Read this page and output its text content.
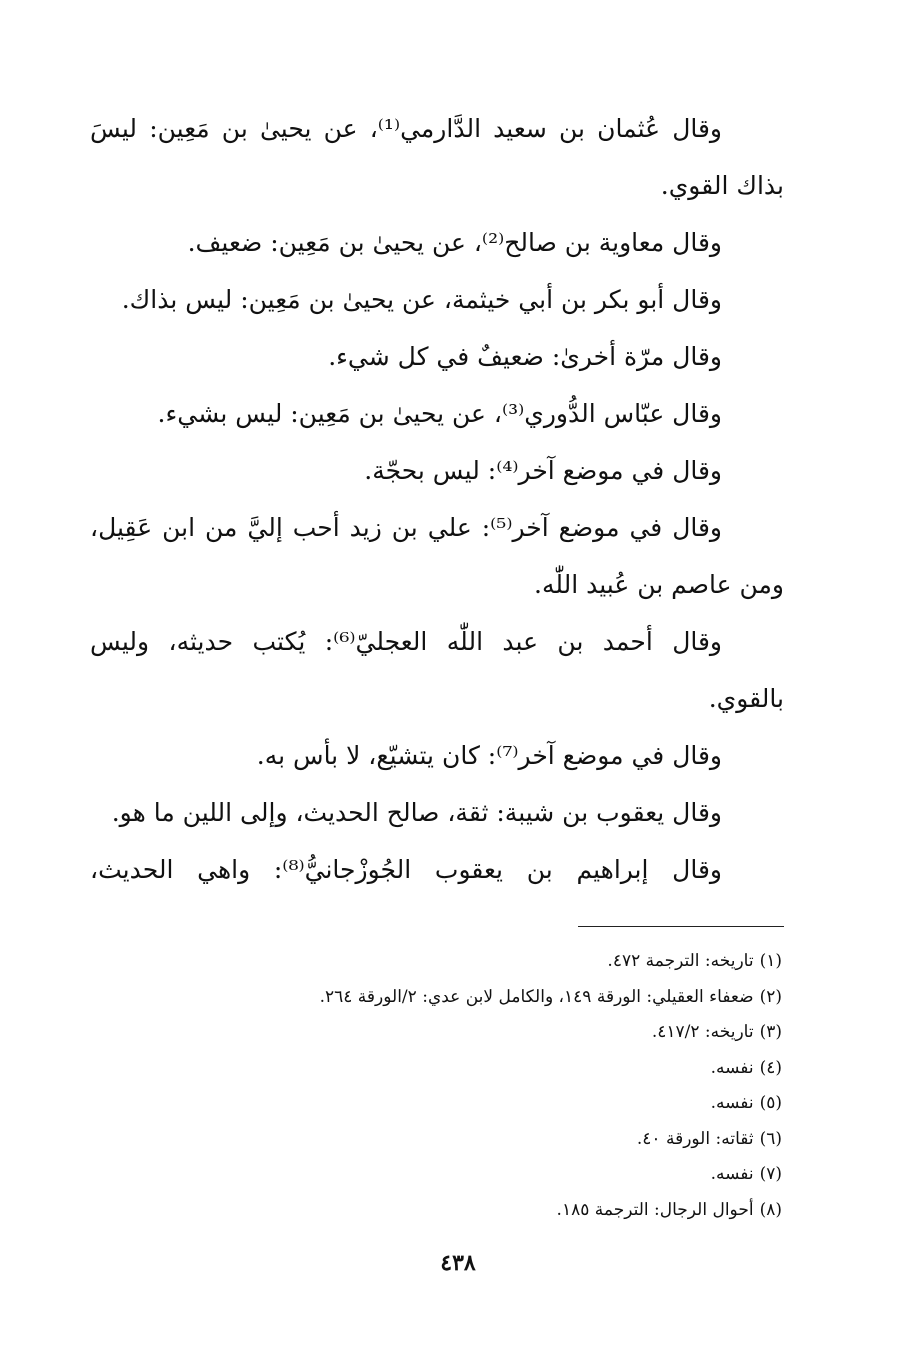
وقال عُثمان بن سعيد الدَّارمي⁽¹⁾، عن يحيىٰ بن مَعِين: ليسَ
بذاك القوي.
وقال معاوية بن صالح⁽²⁾، عن يحيىٰ بن مَعِين: ضعيف.
وقال أبو بكر بن أبي خيثمة، عن يحيىٰ بن مَعِين: ليس بذاك.
وقال مرّة أخرىٰ: ضعيفٌ في كل شيء.
وقال عبّاس الدُّوري⁽³⁾، عن يحيىٰ بن مَعِين: ليس بشيء.
وقال في موضع آخر⁽⁴⁾: ليس بحجّة.
وقال في موضع آخر⁽⁵⁾: علي بن زيد أحب إليَّ من ابن عَقِيل،
ومن عاصم بن عُبيد اللّٰه.
وقال أحمد بن عبد اللّٰه العجليّ⁽⁶⁾: يُكتب حديثه، وليس
بالقوي.
وقال في موضع آخر⁽⁷⁾: كان يتشيّع، لا بأس به.
وقال يعقوب بن شيبة: ثقة، صالح الحديث، وإلى اللين ما هو.
وقال إبراهيم بن يعقوب الجُوزْجانيُّ⁽⁸⁾: واهي الحديث،
(١)تاريخه: الترجمة ٤٧٢.
(٢)ضعفاء العقيلي: الورقة ١٤٩، والكامل لابن عدي: ٢/الورقة ٢٦٤.
(٣)تاريخه: ٤١٧/٢.
(٤)نفسه.
(٥)نفسه.
(٦)ثقاته: الورقة ٤٠.
(٧)نفسه.
(٨)أحوال الرجال: الترجمة ١٨٥.
٤٣٨
